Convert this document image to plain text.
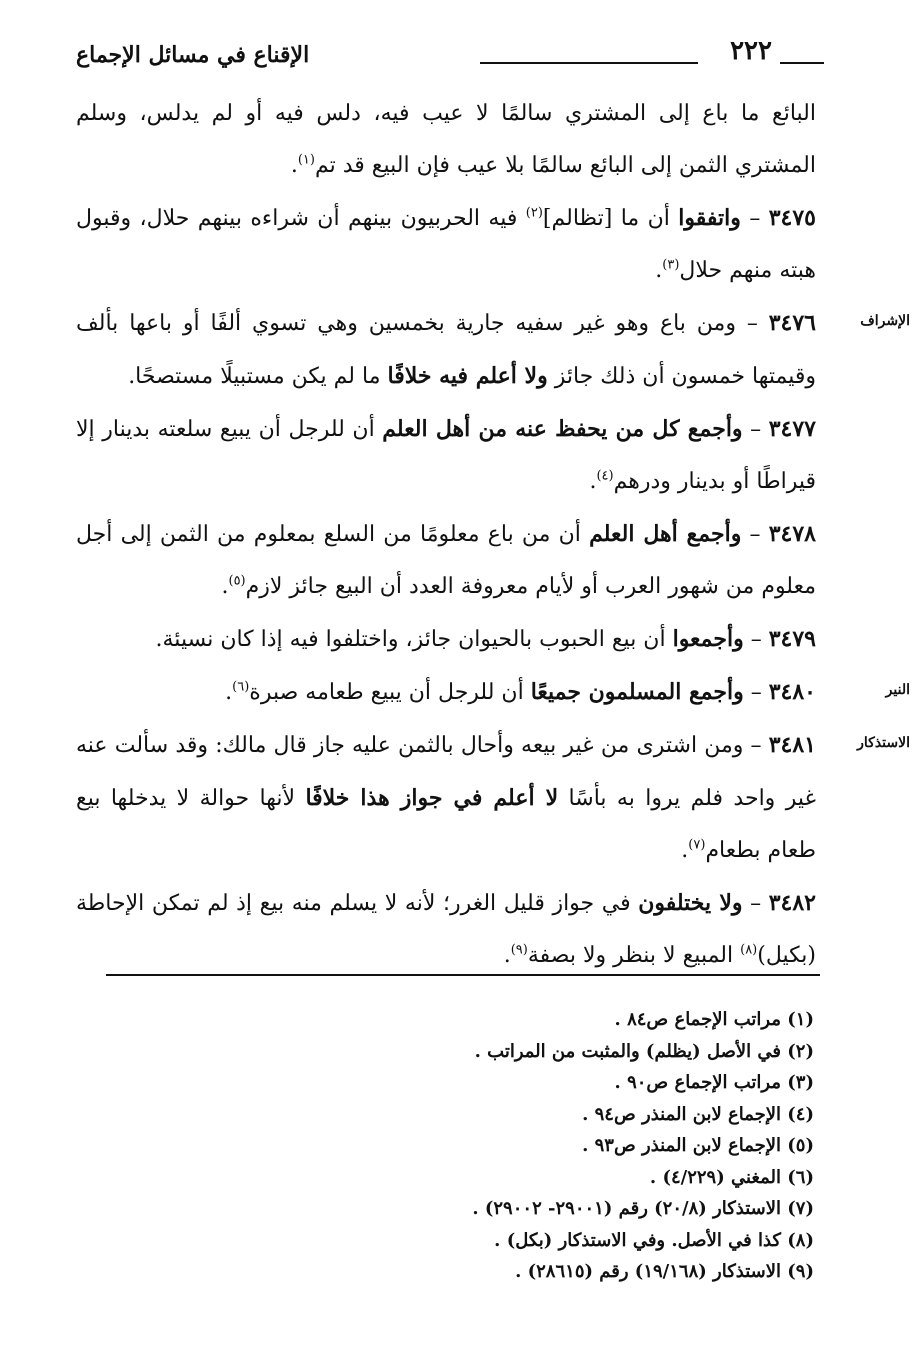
٢٢٢
الإقناع في مسائل الإجماع

البائع ما باع إلى المشتري سالمًا لا عيب فيه، دلس فيه أو لم يدلس، وسلم المشتري الثمن إلى البائع سالمًا بلا عيب فإن البيع قد تم$^{(١)}$.

٣٤٧٥ – واتفقوا أن ما [تظالم]$^{(٢)}$ فيه الحربيون بينهم أن شراءه بينهم حلال، وقبول هبته منهم حلال$^{(٣)}$.

٣٤٧٦ – ومن باع وهو غير سفيه جارية بخمسين وهي تسوي ألفًا أو باعها بألف وقيمتها خمسون أن ذلك جائز ولا أعلم فيه خلافًا ما لم يكن مستبيلًا مستصحًا.

٣٤٧٧ – وأجمع كل من يحفظ عنه من أهل العلم أن للرجل أن يبيع سلعته بدينار إلا قيراطًا أو بدينار ودرهم$^{(٤)}$.

٣٤٧٨ – وأجمع أهل العلم أن من باع معلومًا من السلع بمعلوم من الثمن إلى أجل معلوم من شهور العرب أو لأيام معروفة العدد أن البيع جائز لازم$^{(٥)}$.

٣٤٧٩ – وأجمعوا أن بيع الحبوب بالحيوان جائز، واختلفوا فيه إذا كان نسيئة.

٣٤٨٠ – وأجمع المسلمون جميعًا أن للرجل أن يبيع طعامه صبرة$^{(٦)}$.

٣٤٨١ – ومن اشترى من غير بيعه وأحال بالثمن عليه جاز قال مالك: وقد سألت عنه غير واحد فلم يروا به بأسًا لا أعلم في جواز هذا خلافًا لأنها حوالة لا يدخلها بيع طعام بطعام$^{(٧)}$.

٣٤٨٢ – ولا يختلفون في جواز قليل الغرر؛ لأنه لا يسلم منه بيع إذ لم تمكن الإحاطة (بكيل)$^{(٨)}$ المبيع لا بنظر ولا بصفة$^{(٩)}$.

(١) مراتب الإجماع ص٨٤ .

(٢) في الأصل (يظلم) والمثبت من المراتب .

(٣) مراتب الإجماع ص٩٠ .

(٤) الإجماع لابن المنذر ص٩٤ .

(٥) الإجماع لابن المنذر ص٩٣ .

(٦) المغني (٤/٢٢٩) .

(٧) الاستذكار (٢٠/٨) رقم (٢٩٠٠١- ٢٩٠٠٢) .

(٨) كذا في الأصل. وفي الاستذكار (بكل) .

(٩) الاستذكار (١٩/١٦٨) رقم (٢٨٦١٥) .

الإشراف
النير
الاستذكار
